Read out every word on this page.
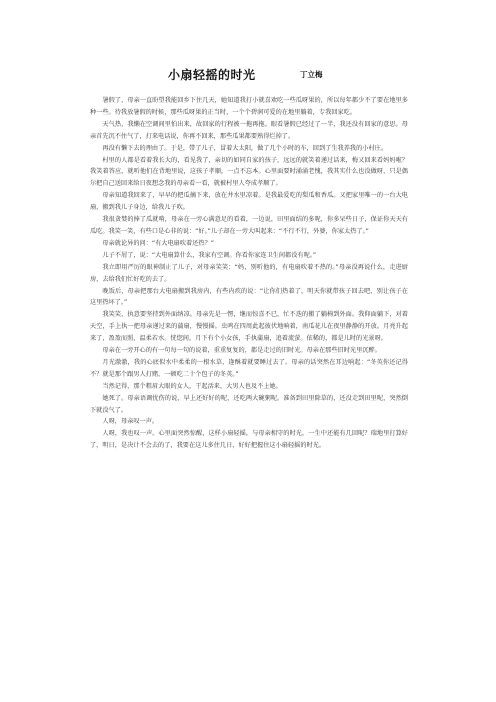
小扇轻摇的时光	丁立梅

暑假了，母亲一直盼望我能回乡下住几天，她知道我打小就喜欢吃一些瓜呀果的，所以每年都少不了要在地里多种一些。待我放暑假的时候，那些瓜呀果的正当时，一个个碧润可爱的在地里躺着，专我回家吃。

天气热，我懒在空调间里怕出来，故回家的行程被一拖再拖。眼看暑假已经过了一半，我还没有回家的意思。母亲首先沉不住气了，打来电话说，你再不回来，那些瓜果都要熟得烂掉了。

再没有懒下去的理由了。于是，带了儿子，冒着大太阳，做了几个小时的车，回到了生我养我的小村庄。

村里的人都是看着我长大的，看见我了，亲切的如同自家的孩子，远远的就笑着递过话来，梅又回来看妈妈啦？我笑着答应，就听他们在背地里说，这孩子孝顺，一点不忘本。心里面要时涌涌老愧，我其实什么也没做呀，只是偶尔把自己送回来给日夜想念我的母亲看一看，就被村里人夸成孝顺了。

母亲知道我回来了，早早的把瓜摘下来，放在井水里凉着。是我最爱吃的梨瓜和香瓜。又把家里唯一的一台大电扇，搬到我儿子身边，给我儿子吹。

我很贪婪的捧了瓜就啃，母亲在一旁心满意足的看着，一边说，田里面结的多呢，你多呆些日子，保证你天天有瓜吃。我笑一笑，有些口是心非的说：“好。”儿子却在一旁大叫起来：“不行不行，外婆，你家太热了。”

母亲就论异的问：“有大电扇吹着还热？”

儿子不屑了，说：“大电扇算什么，我家有空调。你看你家连卫生间都没有呢。”

我立即用严厉的眼神制止了儿子，对母亲笑笑：“妈，别听他的，有电扇吹着不热的。”母亲没再说什么，走进厨房，去给我们忙好吃的去了。

晚饭后，母亲把那台大电扇搬到我房内，有些内疚的说：“让你们热着了，明天你就带孩子回去吧，别让孩子在这里热坏了。”

我笑笑，执意要坚持到外面纳凉。母亲先是一愣，继而惊喜不已，忙不迭的搬了躺椅到外面。我仰面躺下，对着天空，手上执一把母亲递过来的蒲扇，慢慢摇。虫鸣在四周此起彼伏地响着，南瓜花儿在夜里静静的开放。月亮升起来了，盈盈而照，温柔若水。恍惚间，月下有个小女孩，手执蒲扇，追着流萤。依稀的，都是儿时的光景呀。

母亲在一旁开心的有一句每一句的说着，重重复复的，都是走过的旧时光。母亲在那些旧时光里沉醉。

月光澈澈，我的心底似水中柔柔的一根水草，逢酥着就要睡过去了。母亲的话突然在耳边响起：“冬英你还记得不？就是那个跟男人打赌，一顿吃二十个包子的冬英。”

当然记得，那个粗眉大眼的女人，干起活来，大男人也及不上她。

她死了。母亲语调忧伤的说，早上还好好的呢，还吃两大碗粥呢。准备到田里除草的，还没走到田里呢，突然倒下就没气了。

人呀，母亲叹一声。

人呀，我也叹一声。心里面突然惊醒，这样小扇轻摇，与母亲相守的时光，一生中还能有几回呢？瑞地里打算好了，明日，是决计不会去的了，我要在这儿多住几日，好好把握住这小扇轻摇的时光。
